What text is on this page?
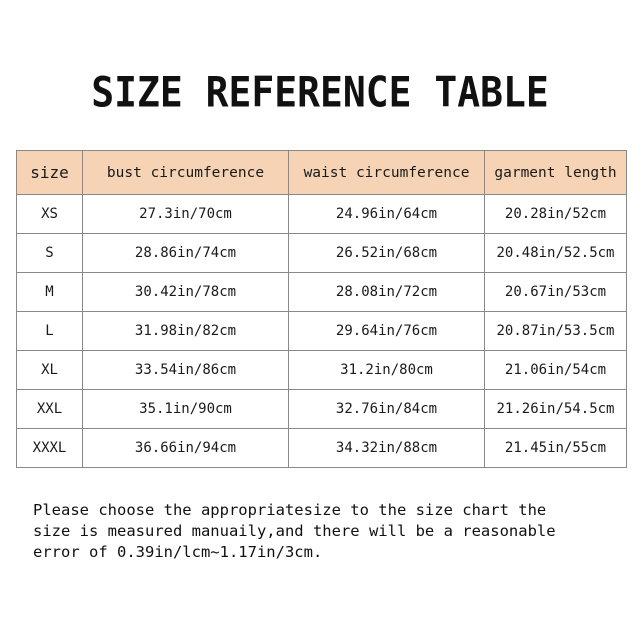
SIZE REFERENCE TABLE
size	bust circumference	waist circumference	garment length
XS	27.3in/70cm	24.96in/64cm	20.28in/52cm
S	28.86in/74cm	26.52in/68cm	20.48in/52.5cm
M	30.42in/78cm	28.08in/72cm	20.67in/53cm
L	31.98in/82cm	29.64in/76cm	20.87in/53.5cm
XL	33.54in/86cm	31.2in/80cm	21.06in/54cm
XXL	35.1in/90cm	32.76in/84cm	21.26in/54.5cm
XXXL	36.66in/94cm	34.32in/88cm	21.45in/55cm
Please choose the appropriatesize to the size chart the
size is measured manuaily,and there will be a reasonable
error of 0.39in/lcm~1.17in/3cm.
